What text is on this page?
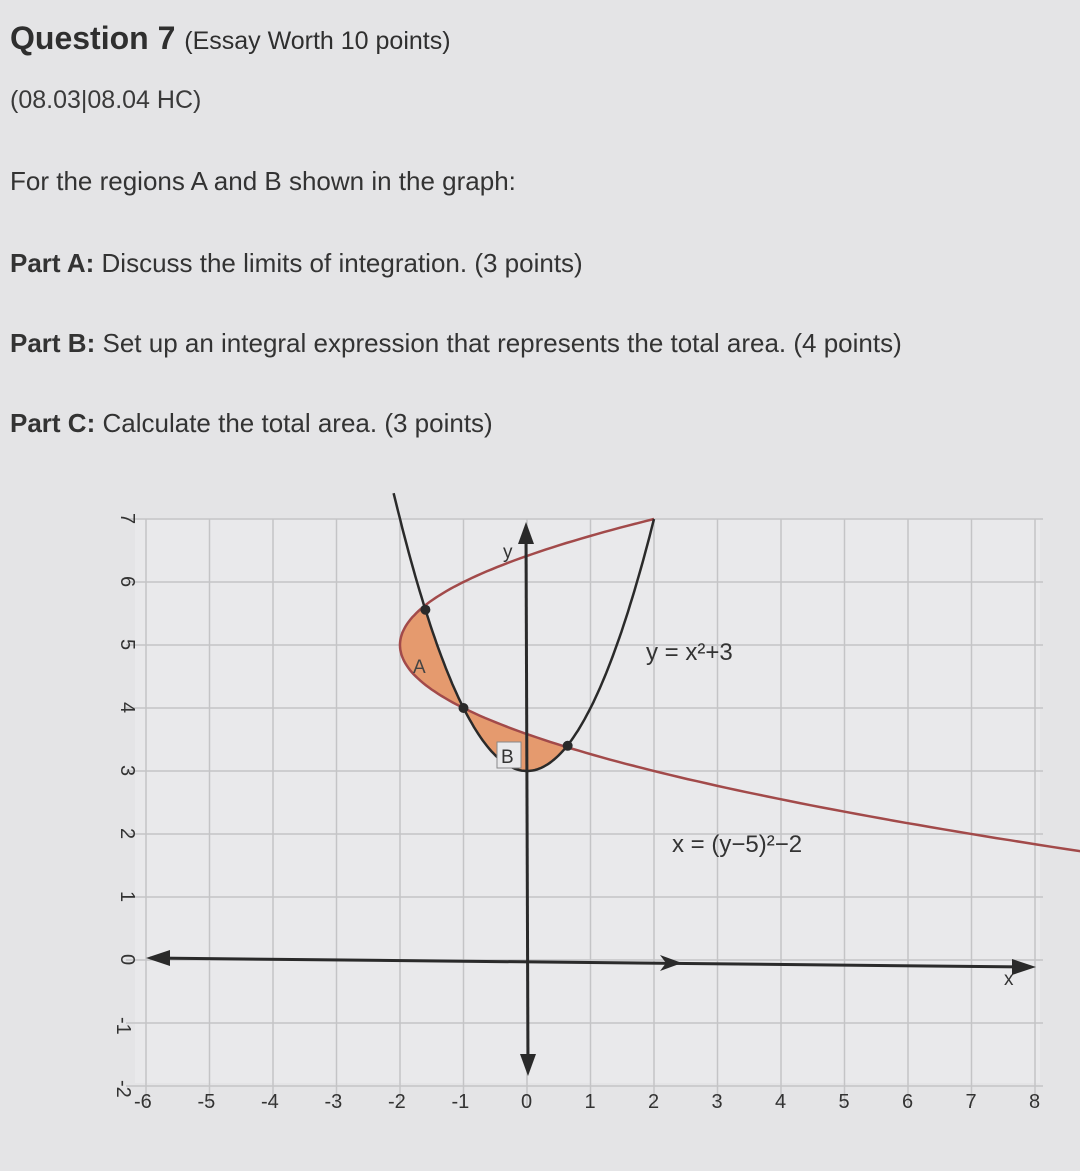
Question 7 (Essay Worth 10 points)
(08.03|08.04 HC)
For the regions A and B shown in the graph:
Part A: Discuss the limits of integration. (3 points)
Part B: Set up an integral expression that represents the total area. (4 points)
Part C: Calculate the total area. (3 points)
-6 -5 -4 -3 -2 -1	0	1	2	3	4	5	6	7	8
7
6
5
4
3
2
1
0
-1
-2
x
y
y = x²+3
x = (y−5)²−2
A
B
